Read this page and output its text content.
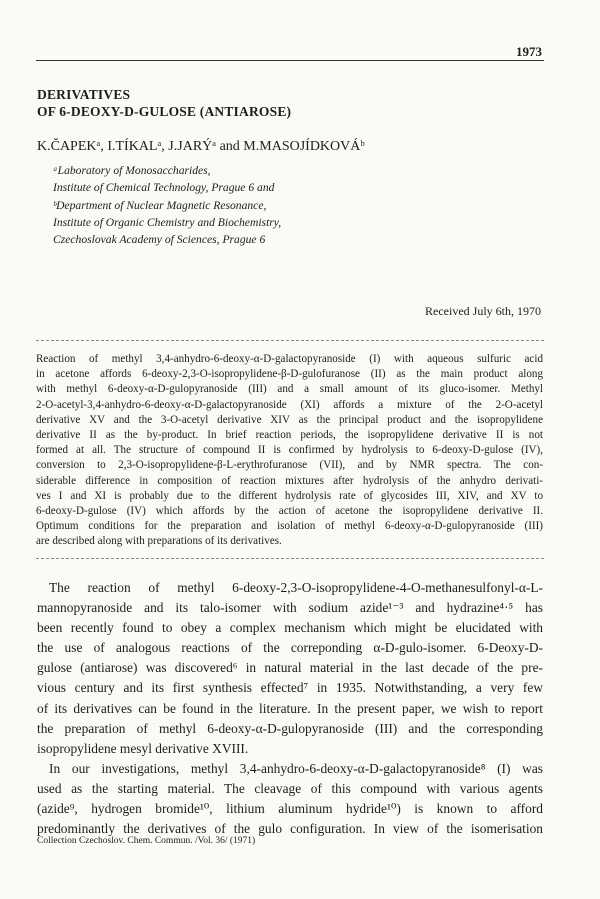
1973
DERIVATIVES
OF 6-DEOXY-D-GULOSE (ANTIAROSE)
K.ČAPEKᵃ, I.TÍKALᵃ, J.JARÝᵃ and M.MASOJÍDKOVÁᵇ
ᵃLaboratory of Monosaccharides,
Institute of Chemical Technology, Prague 6 and
ᵇDepartment of Nuclear Magnetic Resonance,
Institute of Organic Chemistry and Biochemistry,
Czechoslovak Academy of Sciences, Prague 6
Received July 6th, 1970
Reaction of methyl 3,4-anhydro-6-deoxy-α-D-galactopyranoside (I) with aqueous sulfuric acid
in acetone affords 6-deoxy-2,3-O-isopropylidene-β-D-gulofuranose (II) as the main product along
with methyl 6-deoxy-α-D-gulopyranoside (III) and a small amount of its gluco-isomer. Methyl
2-O-acetyl-3,4-anhydro-6-deoxy-α-D-galactopyranoside (XI) affords a mixture of the 2-O-acetyl
derivative XV and the 3-O-acetyl derivative XIV as the principal product and the isopropylidene
derivative II as the by-product. In brief reaction periods, the isopropylidene derivative II is not
formed at all. The structure of compound II is confirmed by hydrolysis to 6-deoxy-D-gulose (IV),
conversion to 2,3-O-isopropylidene-β-L-erythrofuranose (VII), and by NMR spectra. The con-
siderable difference in composition of reaction mixtures after hydrolysis of the anhydro derivati-
ves I and XI is probably due to the different hydrolysis rate of glycosides III, XIV, and XV to
6-deoxy-D-gulose (IV) which affords by the action of acetone the isopropylidene derivative II.
Optimum conditions for the preparation and isolation of methyl 6-deoxy-α-D-gulopyranoside (III)
are described along with preparations of its derivatives.
The reaction of methyl 6-deoxy-2,3-O-isopropylidene-4-O-methanesulfonyl-α-L-
mannopyranoside and its talo-isomer with sodium azide¹⁻³ and hydrazine⁴·⁵ has
been recently found to obey a complex mechanism which might be elucidated with
the use of analogous reactions of the correponding α-D-gulo-isomer. 6-Deoxy-D-
gulose (antiarose) was discovered⁶ in natural material in the last decade of the pre-
vious century and its first synthesis effected⁷ in 1935. Notwithstanding, a very few
of its derivatives can be found in the literature. In the present paper, we wish to report
the preparation of methyl 6-deoxy-α-D-gulopyranoside (III) and the corresponding
isopropylidene mesyl derivative XVIII.
In our investigations, methyl 3,4-anhydro-6-deoxy-α-D-galactopyranoside⁸ (I) was
used as the starting material. The cleavage of this compound with various agents
(azide⁹, hydrogen bromide¹⁰, lithium aluminum hydride¹⁰) is known to afford
predominantly the derivatives of the gulo configuration. In view of the isomerisation
Collection Czechoslov. Chem. Commun. /Vol. 36/ (1971)
